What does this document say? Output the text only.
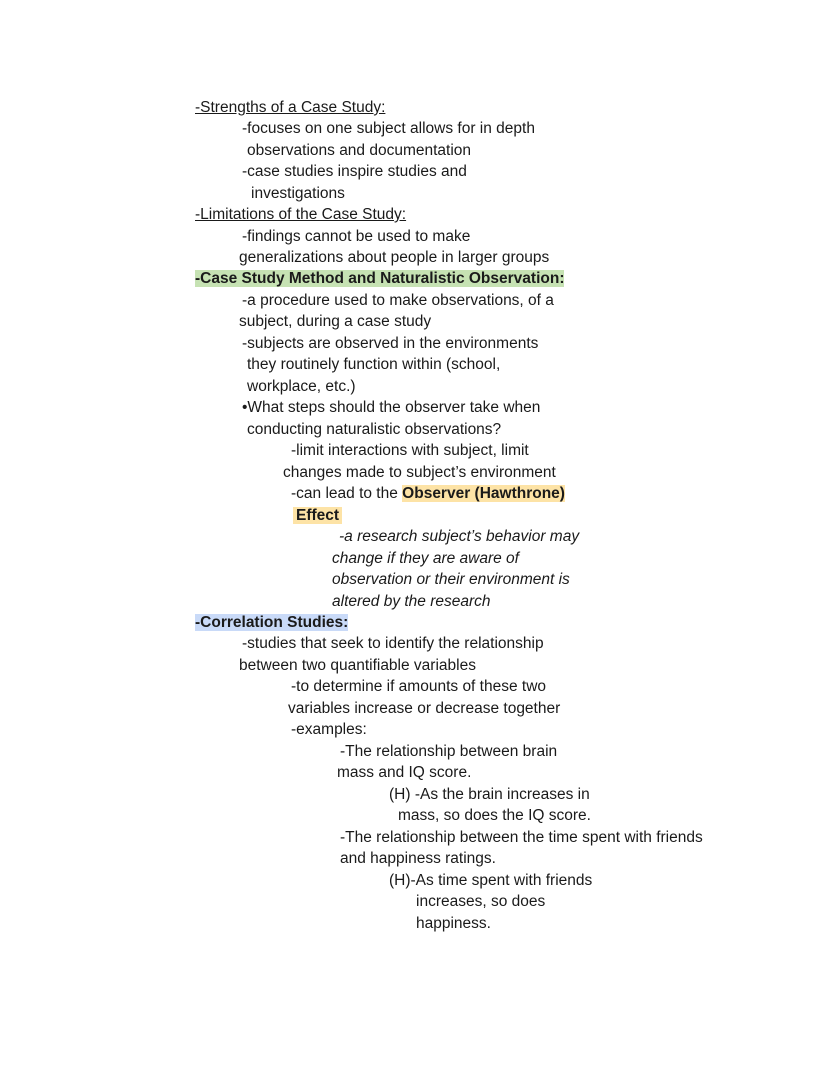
-Strengths of a Case Study:
-focuses on one subject allows for in depth
observations and documentation
-case studies inspire studies and
investigations
-Limitations of the Case Study:
-findings cannot be used to make
generalizations about people in larger groups
-Case Study Method and Naturalistic Observation:
-a procedure used to make observations, of a
subject, during a case study
-subjects are observed in the environments
they routinely function within (school,
workplace, etc.)
•What steps should the observer take when
conducting naturalistic observations?
-limit interactions with subject, limit
changes made to subject’s environment
-can lead to the Observer (Hawthrone)
Effect
-a research subject’s behavior may
change if they are aware of
observation or their environment is
altered by the research
-Correlation Studies:
-studies that seek to identify the relationship
between two quantifiable variables
-to determine if amounts of these two
variables increase or decrease together
-examples:
-The relationship between brain
mass and IQ score.
(H) -As the brain increases in
mass, so does the IQ score.
-The relationship between the time spent with friends
and happiness ratings.
(H)-As time spent with friends
increases, so does
happiness.
